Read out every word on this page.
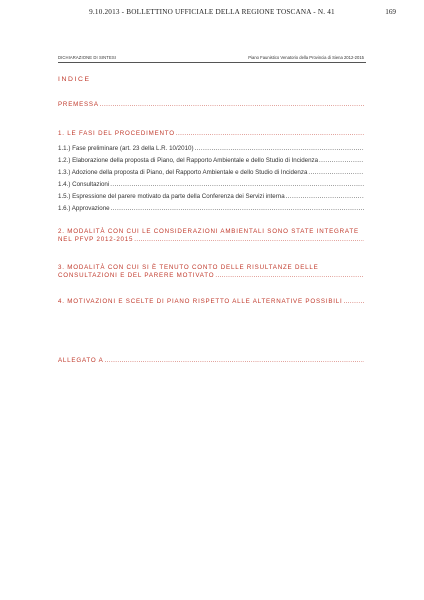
9.10.2013 - BOLLETTINO UFFICIALE DELLA REGIONE TOSCANA - N. 41	169
DICHIARAZIONE DI SINTESI	Piano Faunistico Venatorio della Provincia di Siena 2012-2015
INDICE
PREMESSA
.....
1. LE FASI DEL PROCEDIMENTO
.....
1.1.) Fase preliminare (art. 23 della L.R. 10/2010)
.....
1.2.) Elaborazione della proposta di Piano, del Rapporto Ambientale e dello Studio di Incidenza
.....
1.3.) Adozione della proposta di Piano, del Rapporto Ambientale e dello Studio di Incidenza
.....
1.4.) Consultazioni
.....
1.5.) Espressione del parere motivato da parte della Conferenza dei Servizi interna
.....
1.6.) Approvazione
.....
2. MODALITÀ CON CUI LE CONSIDERAZIONI AMBIENTALI SONO STATE INTEGRATE
NEL PFVP 2012-2015
.....
3. MODALITÀ CON CUI SI È TENUTO CONTO DELLE RISULTANZE DELLE
CONSULTAZIONI E DEL PARERE MOTIVATO
.....
4. MOTIVAZIONI E SCELTE DI PIANO RISPETTO ALLE ALTERNATIVE POSSIBILI
.....
ALLEGATO A
.....
